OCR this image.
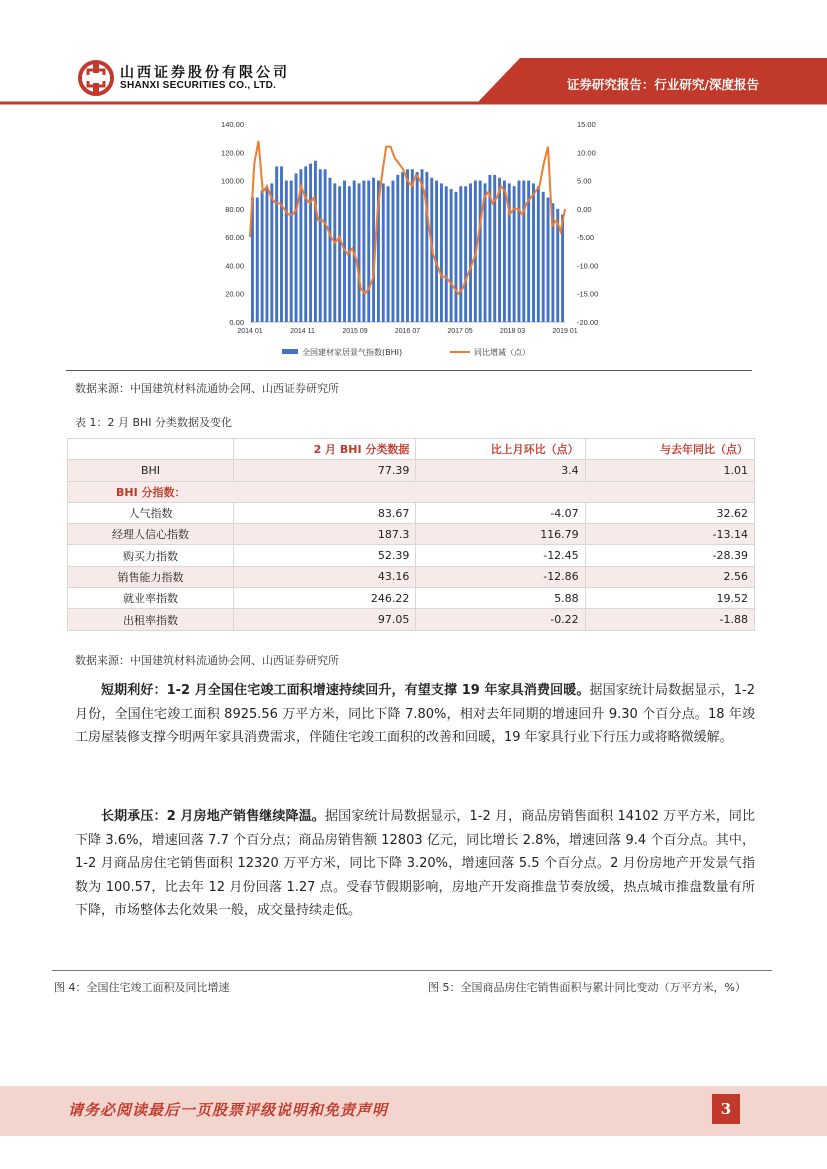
山西证券股份有限公司
SHANXI SECURITIES CO., LTD.	证券研究报告：行业研究/深度报告
0.00
20.00
40.00
60.00
80.00
100.00
120.00
140.00	15.00
10.00
5.00
0.00
-5.00
-10.00
-15.00
-20.00
2014 01	2014 11	2015 09	2016 07	2017 05	2018 03	2019 01
全国建材家居景气指数(BHI)	同比增减（点）
数据来源：中国建筑材料流通协会网、山西证券研究所
表 1：2 月 BHI 分类数据及变化
	2 月 BHI 分类数据	比上月环比（点）	与去年同比（点）
BHI	77.39	3.4	1.01
BHI 分指数：			
人气指数	83.67	-4.07	32.62
经理人信心指数	187.3	116.79	-13.14
购买力指数	52.39	-12.45	-28.39
销售能力指数	43.16	-12.86	2.56
就业率指数	246.22	5.88	19.52
出租率指数	97.05	-0.22	-1.88
数据来源：中国建筑材料流通协会网、山西证券研究所
短期利好：1-2 月全国住宅竣工面积增速持续回升，有望支撑 19 年家具消费回暖。据国家统计局数据显示，1-2 月份，全国住宅竣工面积 8925.56 万平方米，同比下降 7.80%，相对去年同期的增速回升 9.30 个百分点。18 年竣工房屋装修支撑今明两年家具消费需求，伴随住宅竣工面积的改善和回暖，19 年家具行业下行压力或将略微缓解。
长期承压：2 月房地产销售继续降温。据国家统计局数据显示，1-2 月，商品房销售面积 14102 万平方米，同比下降 3.6%，增速回落 7.7 个百分点；商品房销售额 12803 亿元，同比增长 2.8%，增速回落 9.4 个百分点。其中，1-2 月商品房住宅销售面积 12320 万平方米，同比下降 3.20%，增速回落 5.5 个百分点。2 月份房地产开发景气指数为 100.57，比去年 12 月份回落 1.27 点。受春节假期影响，房地产开发商推盘节奏放缓，热点城市推盘数量有所下降，市场整体去化效果一般，成交量持续走低。
图 4：全国住宅竣工面积及同比增速	图 5：全国商品房住宅销售面积与累计同比变动（万平方米，%）
请务必阅读最后一页股票评级说明和免责声明	3
